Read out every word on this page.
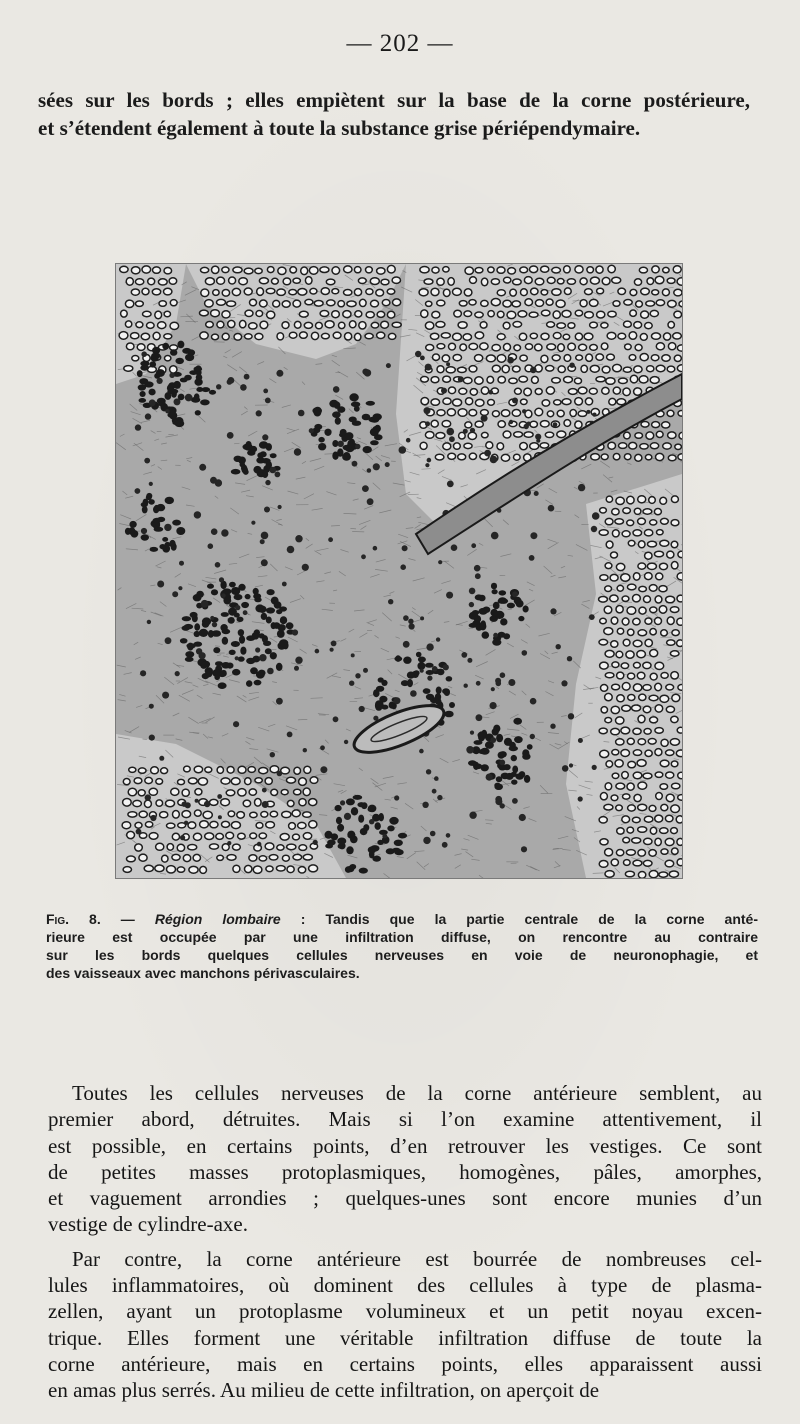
— 202 —
sées sur les bords ; elles empiètent sur la base de la corne postérieure,
et s’étendent également à toute la substance grise périépendymaire.
Fig. 8. — Région lombaire : Tandis que la partie centrale de la corne anté-
rieure est occupée par une infiltration diffuse, on rencontre au contraire
sur les bords quelques cellules nerveuses en voie de neuronophagie, et
des vaisseaux avec manchons périvasculaires.
Toutes les cellules nerveuses de la corne antérieure semblent, au
premier abord, détruites. Mais si l’on examine attentivement, il
est possible, en certains points, d’en retrouver les vestiges. Ce sont
de petites masses protoplasmiques, homogènes, pâles, amorphes,
et vaguement arrondies ; quelques-unes sont encore munies d’un
vestige de cylindre-axe.
Par contre, la corne antérieure est bourrée de nombreuses cel-
lules inflammatoires, où dominent des cellules à type de plasma-
zellen, ayant un protoplasme volumineux et un petit noyau excen-
trique. Elles forment une véritable infiltration diffuse de toute la
corne antérieure, mais en certains points, elles apparaissent aussi
en amas plus serrés. Au milieu de cette infiltration, on aperçoit de
